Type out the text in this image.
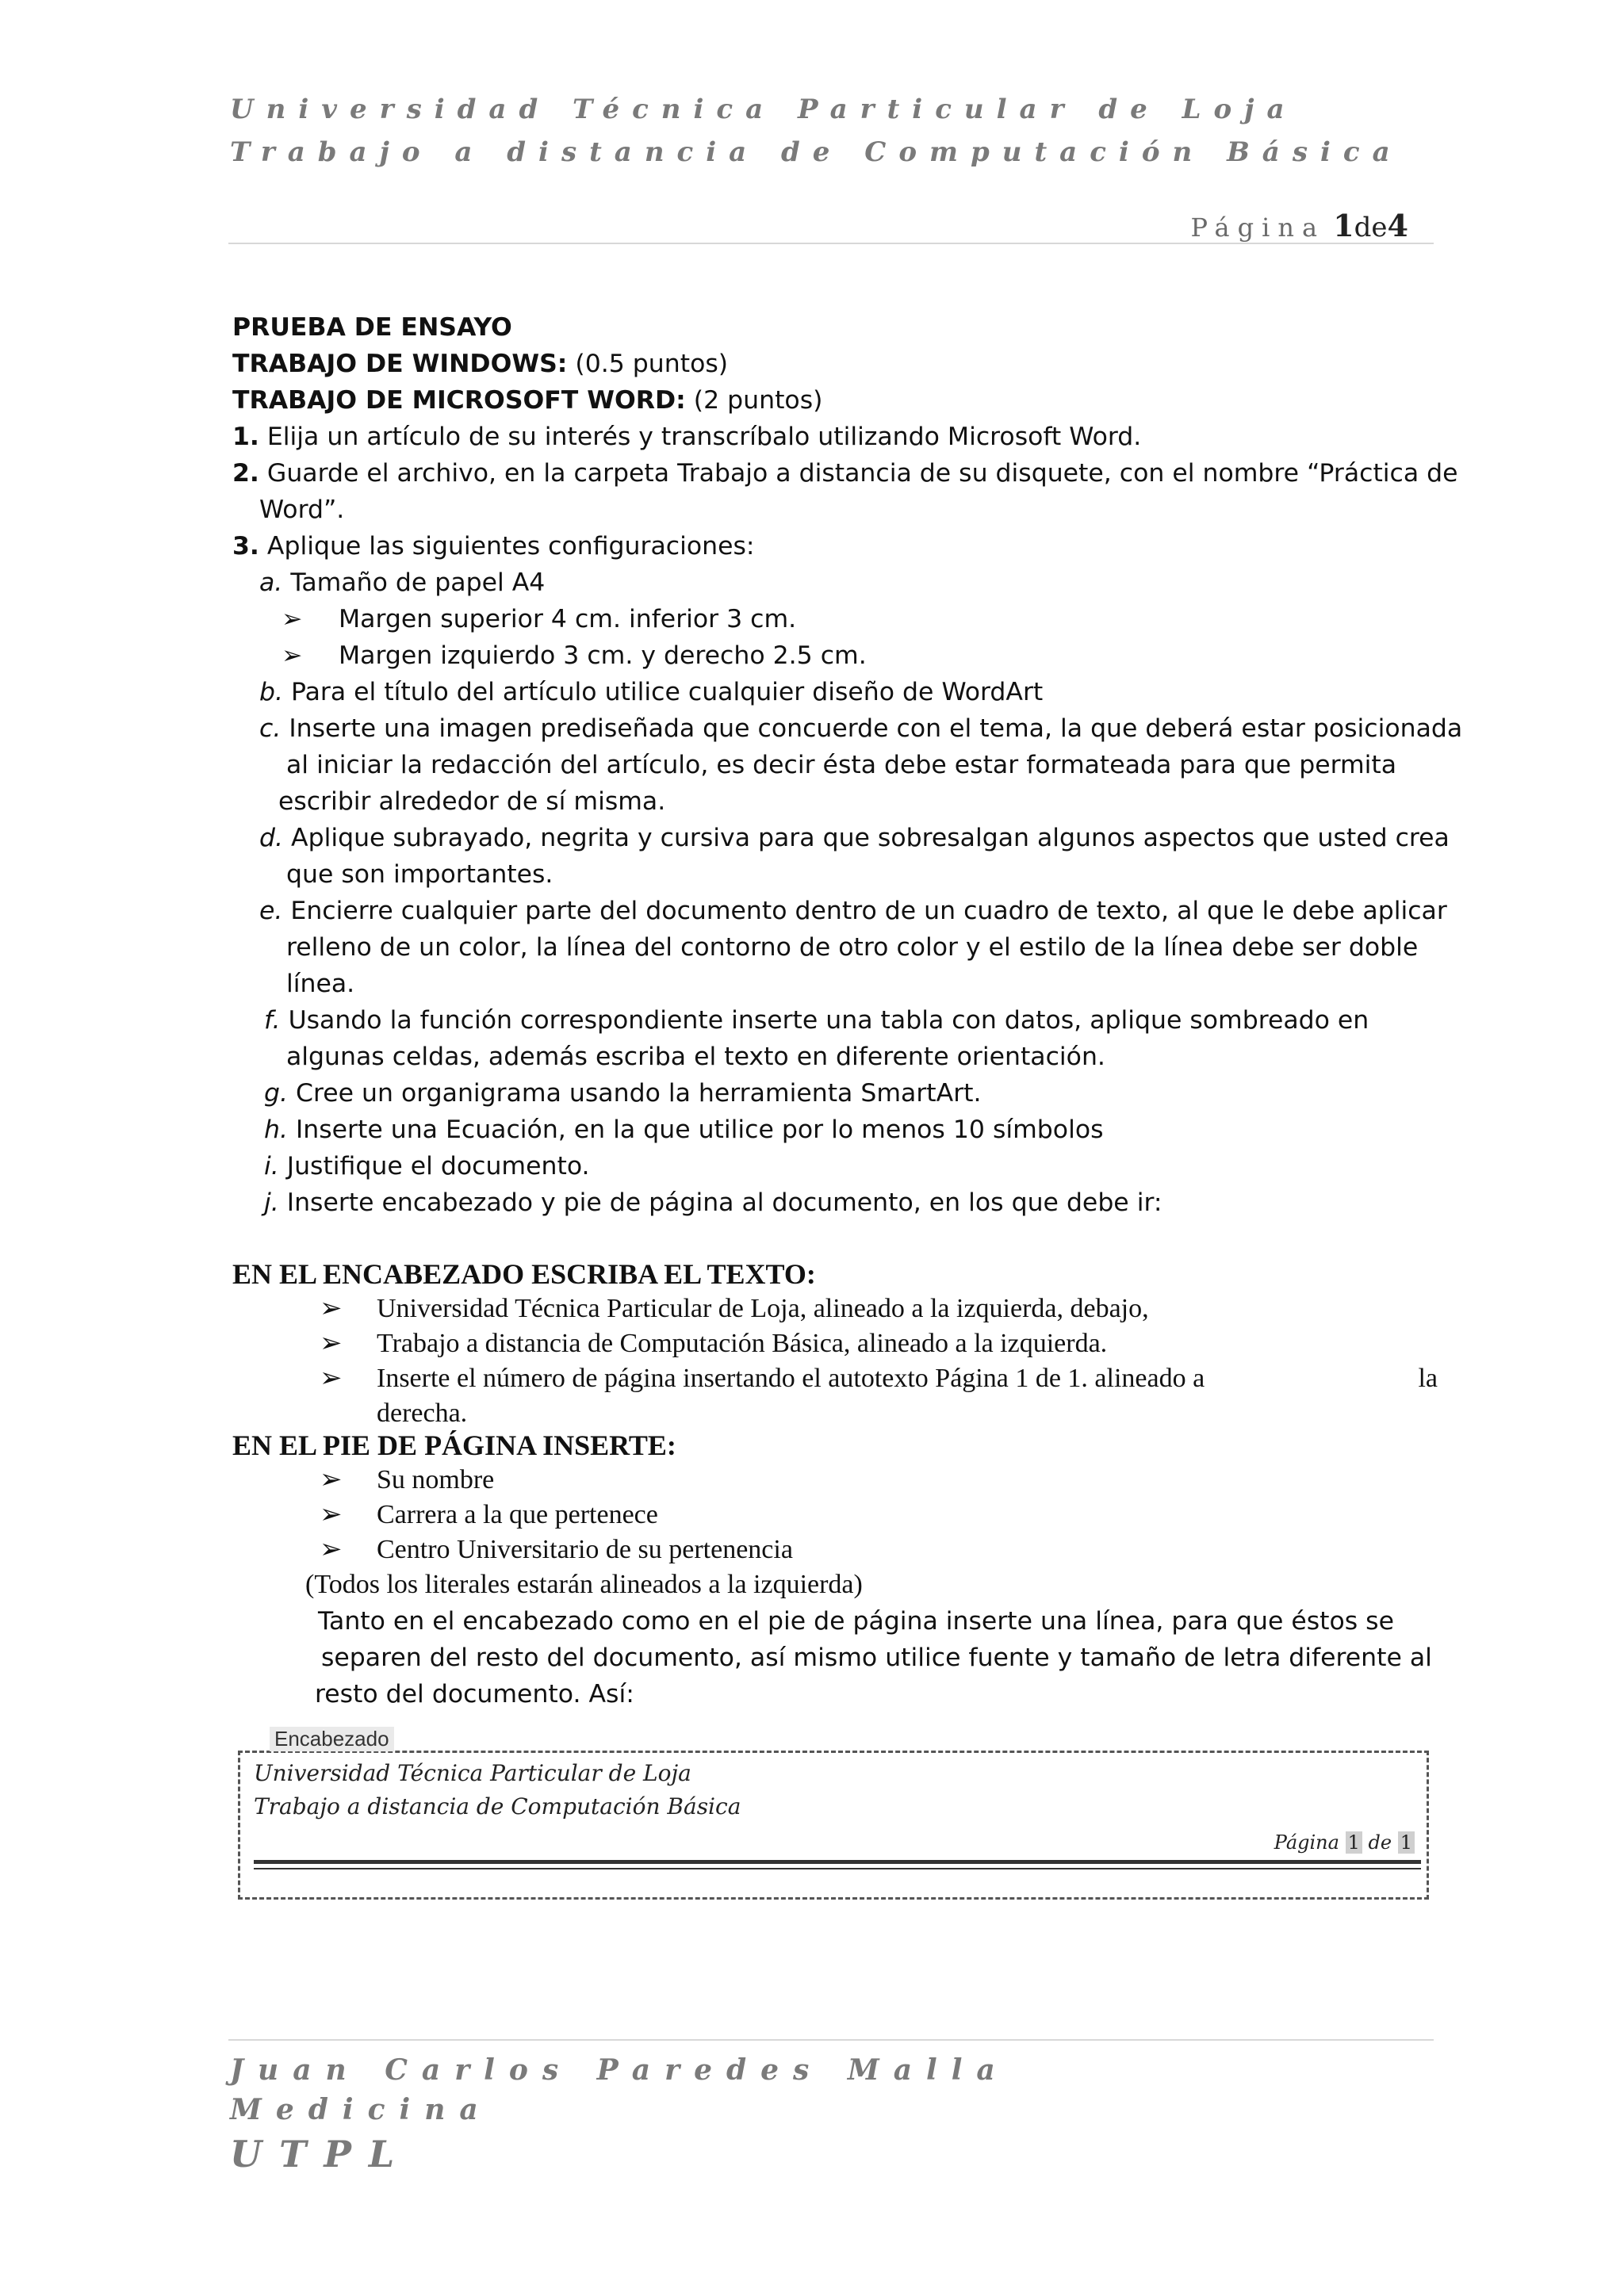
Universidad Técnica Particular de Loja
Trabajo a distancia de Computación Básica
Página 1de4
PRUEBA DE ENSAYO
TRABAJO DE WINDOWS: (0.5 puntos)
TRABAJO DE MICROSOFT WORD: (2 puntos)
1. Elija un artículo de su interés y transcríbalo utilizando Microsoft Word.
2. Guarde el archivo, en la carpeta Trabajo a distancia de su disquete, con el nombre “Práctica de
Word”.
3. Aplique las siguientes configuraciones:
a. Tamaño de papel A4
➢ Margen superior 4 cm. inferior 3 cm.
➢ Margen izquierdo 3 cm. y derecho 2.5 cm.
b. Para el título del artículo utilice cualquier diseño de WordArt
c. Inserte una imagen prediseñada que concuerde con el tema, la que deberá estar posicionada
al iniciar la redacción del artículo, es decir ésta debe estar formateada para que permita
escribir alrededor de sí misma.
d. Aplique subrayado, negrita y cursiva para que sobresalgan algunos aspectos que usted crea
que son importantes.
e. Encierre cualquier parte del documento dentro de un cuadro de texto, al que le debe aplicar
relleno de un color, la línea del contorno de otro color y el estilo de la línea debe ser doble
línea.
f. Usando la función correspondiente inserte una tabla con datos, aplique sombreado en
algunas celdas, además escriba el texto en diferente orientación.
g. Cree un organigrama usando la herramienta SmartArt.
h. Inserte una Ecuación, en la que utilice por lo menos 10 símbolos
i. Justifique el documento.
j. Inserte encabezado y pie de página al documento, en los que debe ir:
EN EL ENCABEZADO ESCRIBA EL TEXTO:
➢ Universidad Técnica Particular de Loja, alineado a la izquierda, debajo,
➢ Trabajo a distancia de Computación Básica, alineado a la izquierda.
➢ Inserte el número de página insertando el autotexto Página 1 de 1. alineado a	la
derecha.
EN EL PIE DE PÁGINA INSERTE:
➢ Su nombre
➢ Carrera a la que pertenece
➢ Centro Universitario de su pertenencia
(Todos los literales estarán alineados a la izquierda)
Tanto en el encabezado como en el pie de página inserte una línea, para que éstos se
separen del resto del documento, así mismo utilice fuente y tamaño de letra diferente al
resto del documento. Así:
Encabezado
Universidad Técnica Particular de Loja
Trabajo a distancia de Computación Básica
Página 1 de 1
Juan Carlos Paredes Malla
Medicina
UTPL
